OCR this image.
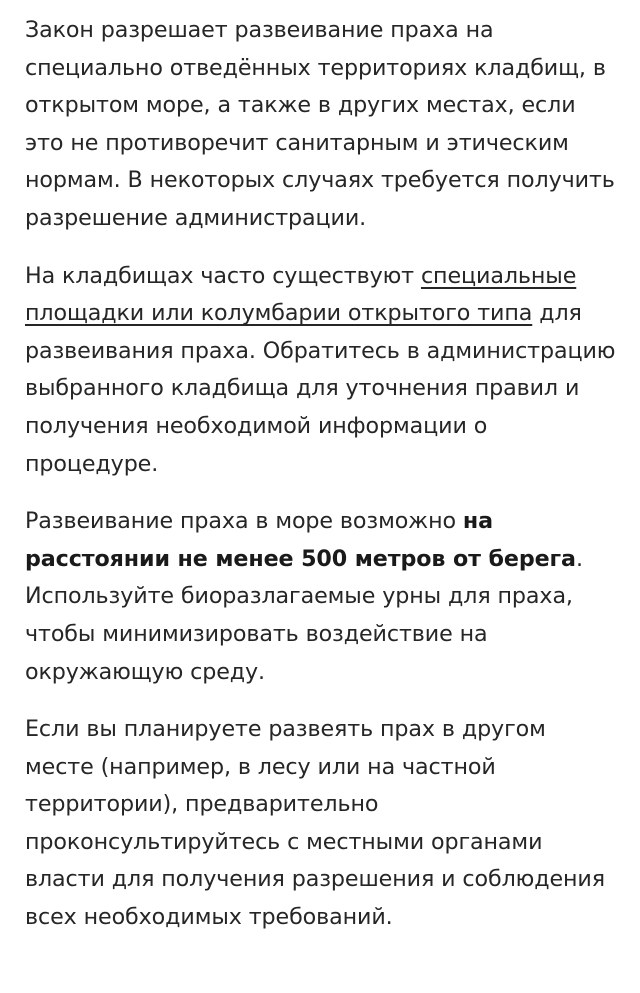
Закон разрешает развеивание праха на специально отведённых территориях кладбищ, в открытом море, а также в других местах, если это не противоречит санитарным и этическим нормам. В некоторых случаях требуется получить разрешение администрации.

На кладбищах часто существуют специальные площадки или колумбарии открытого типа для развеивания праха. Обратитесь в администрацию выбранного кладбища для уточнения правил и получения необходимой информации о процедуре.

Развеивание праха в море возможно на расстоянии не менее 500 метров от берега. Используйте биоразлагаемые урны для праха, чтобы минимизировать воздействие на окружающую среду.

Если вы планируете развеять прах в другом месте (например, в лесу или на частной территории), предварительно проконсультируйтесь с местными органами власти для получения разрешения и соблюдения всех необходимых требований.
